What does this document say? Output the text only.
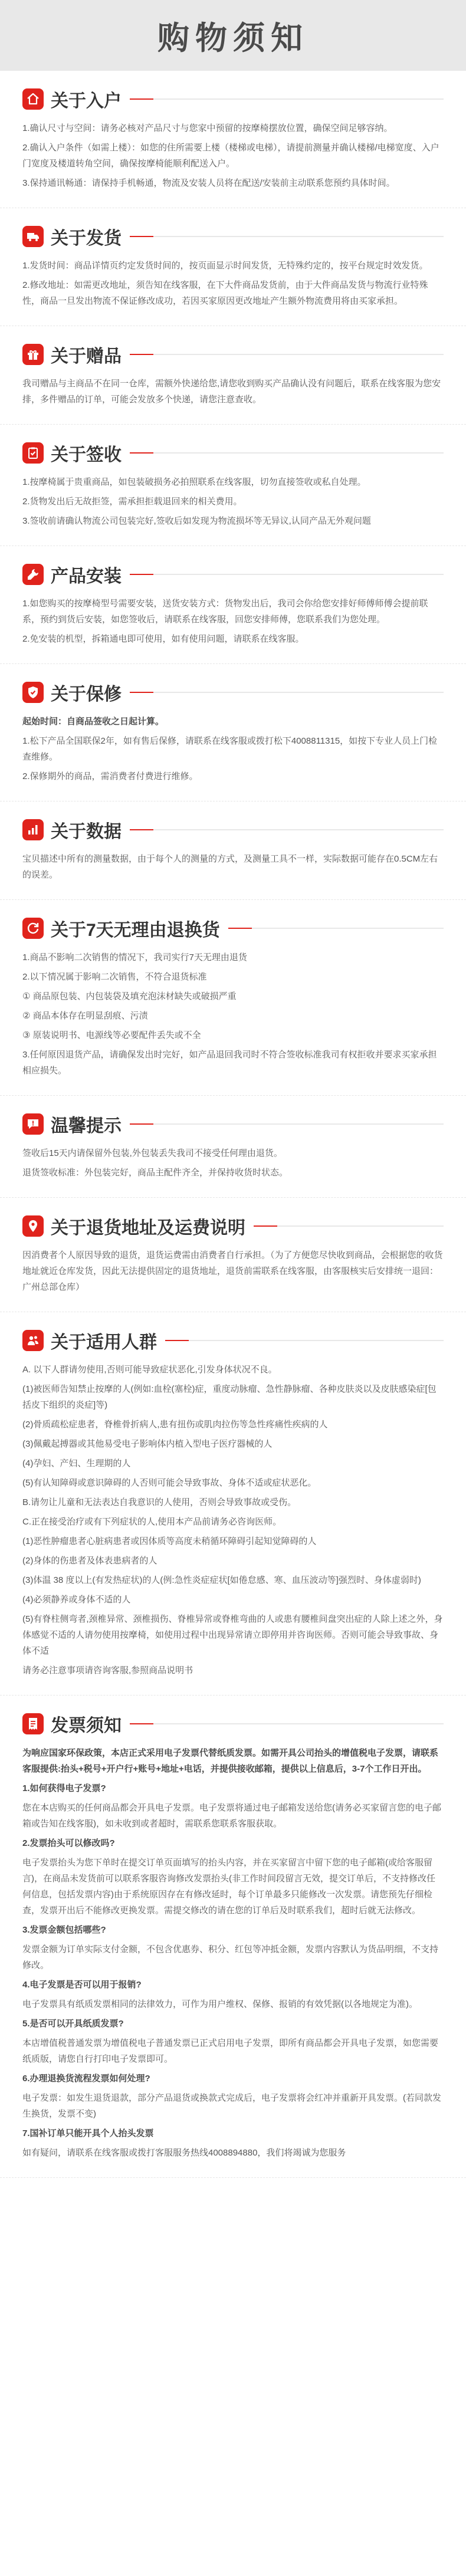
购物须知
关于入户

1.确认尺寸与空间：请务必核对产品尺寸与您家中预留的按摩椅摆放位置，确保空间足够容纳。

2.确认入户条件（如需上楼）：如您的住所需要上楼（楼梯或电梯），请提前测量并确认楼梯/电梯宽度、入户门宽度及楼道转角空间，确保按摩椅能顺利配送入户。

3.保持通讯畅通：请保持手机畅通，物流及安装人员将在配送/安装前主动联系您预约具体时间。

关于发货

1.发货时间：商品详情页约定发货时间的，按页面显示时间发货，无特殊约定的，按平台规定时效发货。

2.修改地址：如需更改地址，须告知在线客服，在下大件商品发货前，由于大件商品发货与物流行业特殊性，商品一旦发出物流不保证修改成功，若因买家原因更改地址产生额外物流费用将由买家承担。

关于赠品

我司赠品与主商品不在同一仓库，需额外快递给您,请您收到购买产品确认没有问题后，联系在线客服为您安排，多件赠品的订单，可能会发放多个快递，请您注意查收。

关于签收

1.按摩椅属于贵重商品，如包装破损务必拍照联系在线客服，切勿直接签收或私自处理。

2.货物发出后无故拒签，需承担拒载退回来的相关费用。

3.签收前请确认物流公司包装完好,签收后如发现为物流损坏等无异议,认同产品无外观问题

产品安装

1.如您购买的按摩椅型号需要安装，送货安装方式：货物发出后，我司会你给您安排好师傅师傅会提前联系，预约到货后安装，如您签收后，请联系在线客服，回您安排师傅，您联系我们为您处理。

2.免安装的机型，拆箱通电即可使用，如有使用问题，请联系在线客服。

关于保修

起始时间：自商品签收之日起计算。

1.松下产品全国联保2年，如有售后保修，请联系在线客服或拨打松下4008811315，如按下专业人员上门检查维修。

2.保修期外的商品，需消费者付费进行维修。

关于数据

宝贝描述中所有的测量数据，由于每个人的测量的方式，及测量工具不一样，实际数据可能存在0.5CM左右的误差。

关于7天无理由退换货

1.商品不影响二次销售的情况下，我司实行7天无理由退货

2.以下情况属于影响二次销售，不符合退货标准

① 商品原包装、内包装袋及填充泡沫材缺失或破损严重

② 商品本体存在明显刮痕、污渍

③ 原装说明书、电源线等必要配件丢失或不全

3.任何原因退货产品，请确保发出时完好，如产品退回我司时不符合签收标准我司有权拒收并要求买家承担相应损失。

温馨提示

签收后15天内请保留外包装,外包装丢失我司不接受任何理由退货。

退货签收标准：外包装完好，商品主配件齐全，并保持收货时状态。

关于退货地址及运费说明

因消费者个人原因导致的退货，退货运费需由消费者自行承担。（为了方便您尽快收到商品，会根据您的收货地址就近仓库发货，因此无法提供固定的退货地址，退货前需联系在线客服，由客服核实后安排统一退回：广州总部仓库）

关于适用人群

A. 以下人群请勿使用,否则可能导致症状恶化,引发身体状况不良。

(1)被医师告知禁止按摩的人(例如:血栓(塞栓)症，重度动脉瘤、急性静脉瘤、各种皮肤炎以及皮肤感染症[包括皮下组织的炎症]等)

(2)骨质疏松症患者，脊椎骨折病人,患有扭伤或肌肉拉伤等急性疼痛性疾病的人

(3)佩戴起搏器或其他易受电子影响体内植入型电子医疗器械的人

(4)孕妇、产妇、生理期的人

(5)有认知障碍或意识障碍的人否则可能会导致事故、身体不适或症状恶化。

B.请勿让儿童和无法表达自我意识的人使用，否则会导致事故或受伤。

C.正在接受治疗或有下列症状的人,使用本产品前请务必咨询医师。

(1)恶性肿瘤患者心脏病患者或因体质等高度未稍循环障碍引起知觉障碍的人

(2)身体的伤患者及体表患病者的人

(3)体温 38 度以上(有发热症状)的人(例:急性炎症症状[如倦怠感、寒、血压波动等]强烈时、身体虚弱时)

(4)必须静养或身体不适的人

(5)有脊柱侧弯者,颈椎异常、颈椎损伤、脊椎异常或脊椎弯曲的人或患有腰椎间盘突出症的人除上述之外，身体感觉不适的人请勿使用按摩椅，如使用过程中出现异常请立即停用并咨询医师。否则可能会导致事故、身体不适

请务必注意事项请咨询客服,参照商品说明书

发票须知

为响应国家环保政策，本店正式采用电子发票代替纸质发票。如需开具公司抬头的增值税电子发票，请联系客服提供:抬头+税号+开户行+账号+地址+电话，并提供接收邮箱，提供以上信息后，3-7个工作日开出。

1.如何获得电子发票?

您在本店购买的任何商品都会开具电子发票。电子发票将通过电子邮箱发送给您(请务必买家留言您的电子邮箱或告知在线客服)，如未收到或者超时，需联系您联系客服获取。

2.发票抬头可以修改吗?

电子发票抬头为您下单时在提交订单页面填写的抬头内容，并在买家留言中留下您的电子邮箱(或给客服留言)，在商品未发货前可以联系客服咨询修改发票抬头(非工作时间段留言无效，提交订单后，不支持修改任何信息，包括发票内容)由于系统原因存在有修改延时，每个订单最多只能修改一次发票。请您预先仔细检查，发票开出后不能修改更换发票。需提交修改的请在您的订单后及时联系我们，超时后就无法修改。

3.发票金额包括哪些?

发票金额为订单实际支付金额，不包含优惠券、积分、红包等冲抵金额，发票内容默认为货品明细，不支持修改。

4.电子发票是否可以用于报销?

电子发票具有纸质发票相同的法律效力，可作为用户维权、保修、报销的有效凭据(以各地规定为准)。

5.是否可以开具纸质发票?

本店增值税普通发票为增值税电子普通发票已正式启用电子发票，即所有商品都会开具电子发票，如您需要纸质版，请您自行打印电子发票即可。

6.办理退换货流程发票如何处理?

电子发票：如发生退货退款，部分产品退货或换款式完成后，电子发票将会红冲并重新开具发票。(若同款发生换货，发票不变)

7.国补订单只能开具个人抬头发票

如有疑问，请联系在线客服或拨打客服服务热线4008894880，我们将竭诚为您服务
